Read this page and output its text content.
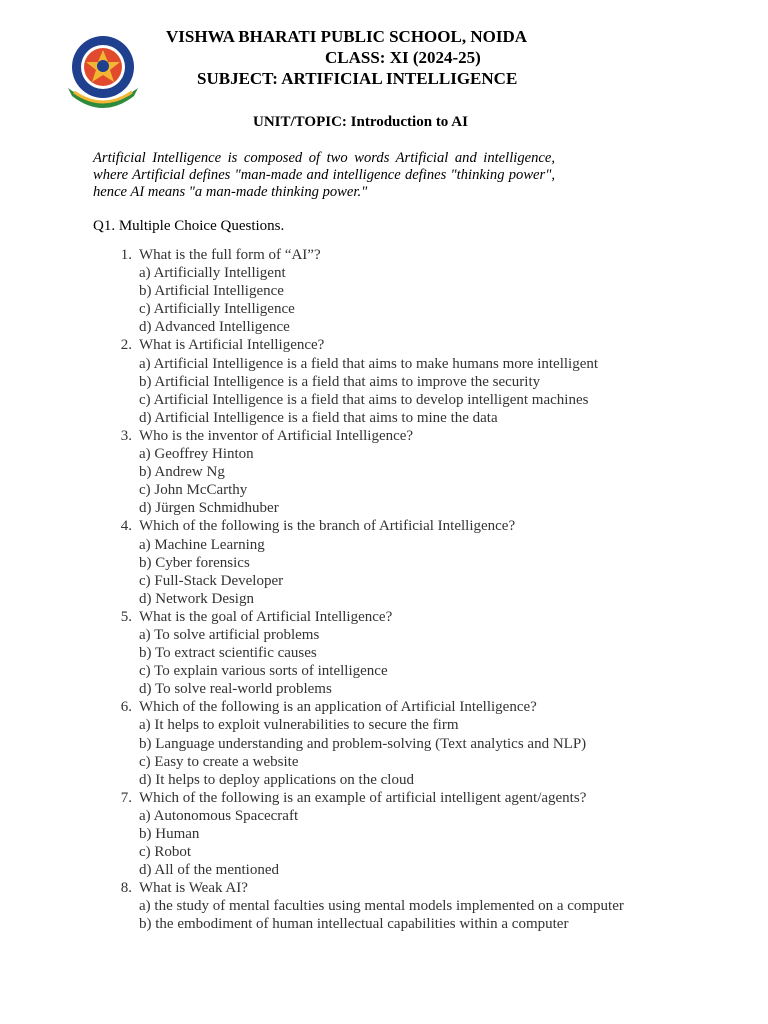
VISHWA BHARATI PUBLIC SCHOOL, NOIDA
CLASS: XI (2024-25)
SUBJECT: ARTIFICIAL INTELLIGENCE
UNIT/TOPIC: Introduction to AI

Artificial Intelligence is composed of two words Artificial and intelligence, where Artificial defines "man-made and intelligence defines "thinking power", hence AI means "a man-made thinking power."

Q1. Multiple Choice Questions.
1. What is the full form of “AI”?
a) Artificially Intelligent
b) Artificial Intelligence
c) Artificially Intelligence
d) Advanced Intelligence
2. What is Artificial Intelligence?
a) Artificial Intelligence is a field that aims to make humans more intelligent
b) Artificial Intelligence is a field that aims to improve the security
c) Artificial Intelligence is a field that aims to develop intelligent machines
d) Artificial Intelligence is a field that aims to mine the data
3. Who is the inventor of Artificial Intelligence?
a) Geoffrey Hinton
b) Andrew Ng
c) John McCarthy
d) Jürgen Schmidhuber
4. Which of the following is the branch of Artificial Intelligence?
a) Machine Learning
b) Cyber forensics
c) Full-Stack Developer
d) Network Design
5. What is the goal of Artificial Intelligence?
a) To solve artificial problems
b) To extract scientific causes
c) To explain various sorts of intelligence
d) To solve real-world problems
6. Which of the following is an application of Artificial Intelligence?
a) It helps to exploit vulnerabilities to secure the firm
b) Language understanding and problem-solving (Text analytics and NLP)
c) Easy to create a website
d) It helps to deploy applications on the cloud
7. Which of the following is an example of artificial intelligent agent/agents?
a) Autonomous Spacecraft
b) Human
c) Robot
d) All of the mentioned
8. What is Weak AI?
a) the study of mental faculties using mental models implemented on a computer
b) the embodiment of human intellectual capabilities within a computer
